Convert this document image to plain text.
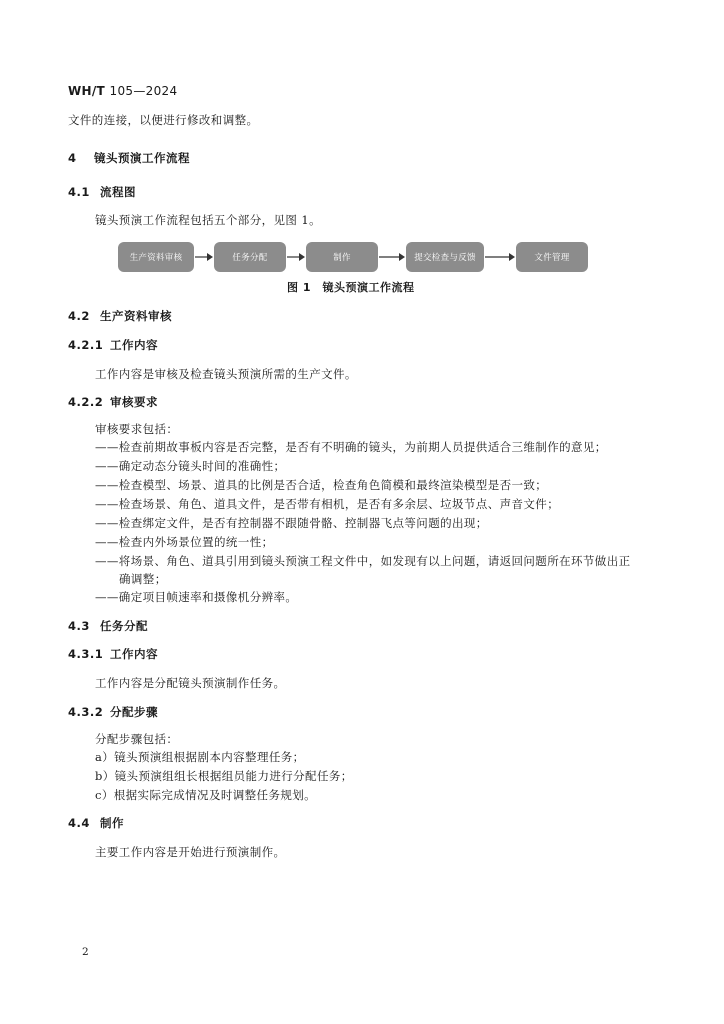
WH/T 105—2024
文件的连接，以便进行修改和调整。
4 镜头预演工作流程
4.1 流程图
镜头预演工作流程包括五个部分，见图 1。
生产资料审核	任务分配	制作	提交检查与反馈	文件管理
图 1　镜头预演工作流程
4.2 生产资料审核
4.2.1 工作内容
工作内容是审核及检查镜头预演所需的生产文件。
4.2.2 审核要求
审核要求包括：
——检查前期故事板内容是否完整，是否有不明确的镜头，为前期人员提供适合三维制作的意见；
——确定动态分镜头时间的准确性；
——检查模型、场景、道具的比例是否合适，检查角色简模和最终渲染模型是否一致；
——检查场景、角色、道具文件，是否带有相机，是否有多余层、垃圾节点、声音文件；
——检查绑定文件，是否有控制器不跟随骨骼、控制器飞点等问题的出现；
——检查内外场景位置的统一性；
——将场景、角色、道具引用到镜头预演工程文件中，如发现有以上问题，请返回问题所在环节做出正
确调整；
——确定项目帧速率和摄像机分辨率。
4.3 任务分配
4.3.1 工作内容
工作内容是分配镜头预演制作任务。
4.3.2 分配步骤
分配步骤包括：
a）镜头预演组根据剧本内容整理任务；
b）镜头预演组组长根据组员能力进行分配任务；
c）根据实际完成情况及时调整任务规划。
4.4 制作
主要工作内容是开始进行预演制作。
2
